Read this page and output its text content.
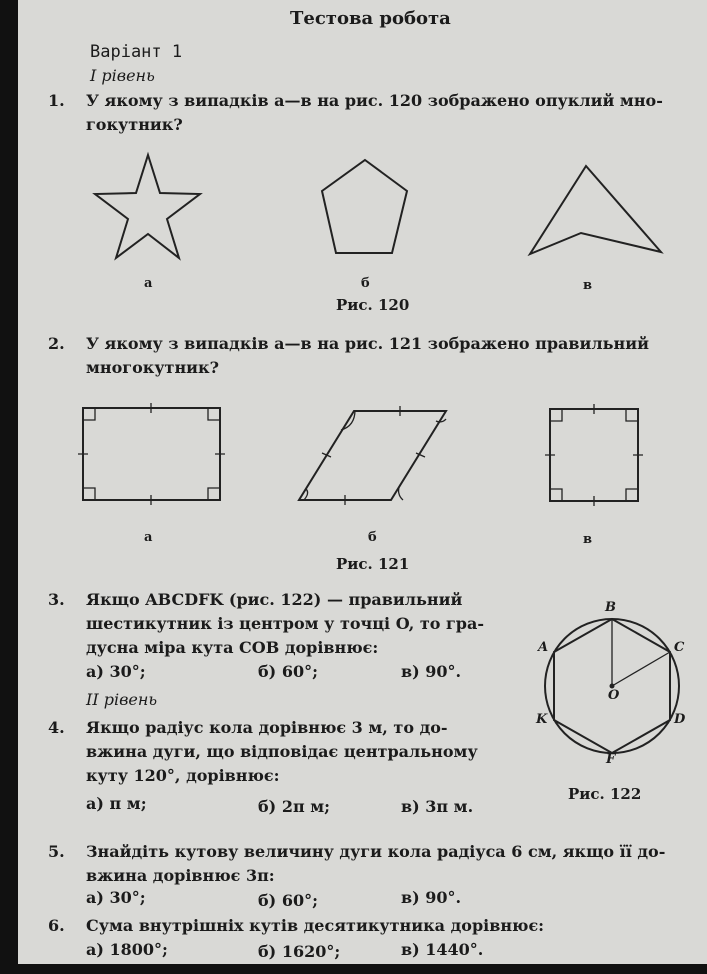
Тестова робота
Варіант 1
I рівень
1. У якому з випадків а—в на рис. 120 зображено опуклий мно-
гокутник?
а	б	в
Рис. 120
2. У якому з випадків а—в на рис. 121 зображено правильний
многокутник?
а	б	в
Рис. 121
3. Якщо ABCDFK (рис. 122) — правильний
шестикутник із центром у точці O, то гра-
дусна міра кута COB дорівнює:
а) 30°;	б) 60°;	в) 90°.
B
C
D
F
K
A
O
Рис. 122
II рівень
4. Якщо радіус кола дорівнює 3 м, то до-
вжина дуги, що відповідає центральному
куту 120°, дорівнює:
а) π м;	б) 2π м;	в) 3π м.
5. Знайдіть кутову величину дуги кола радіуса 6 см, якщо її до-
вжина дорівнює 3π:
а) 30°;	б) 60°;	в) 90°.
6. Сума внутрішніх кутів десятикутника дорівнює:
а) 1800°;	б) 1620°;	в) 1440°.
